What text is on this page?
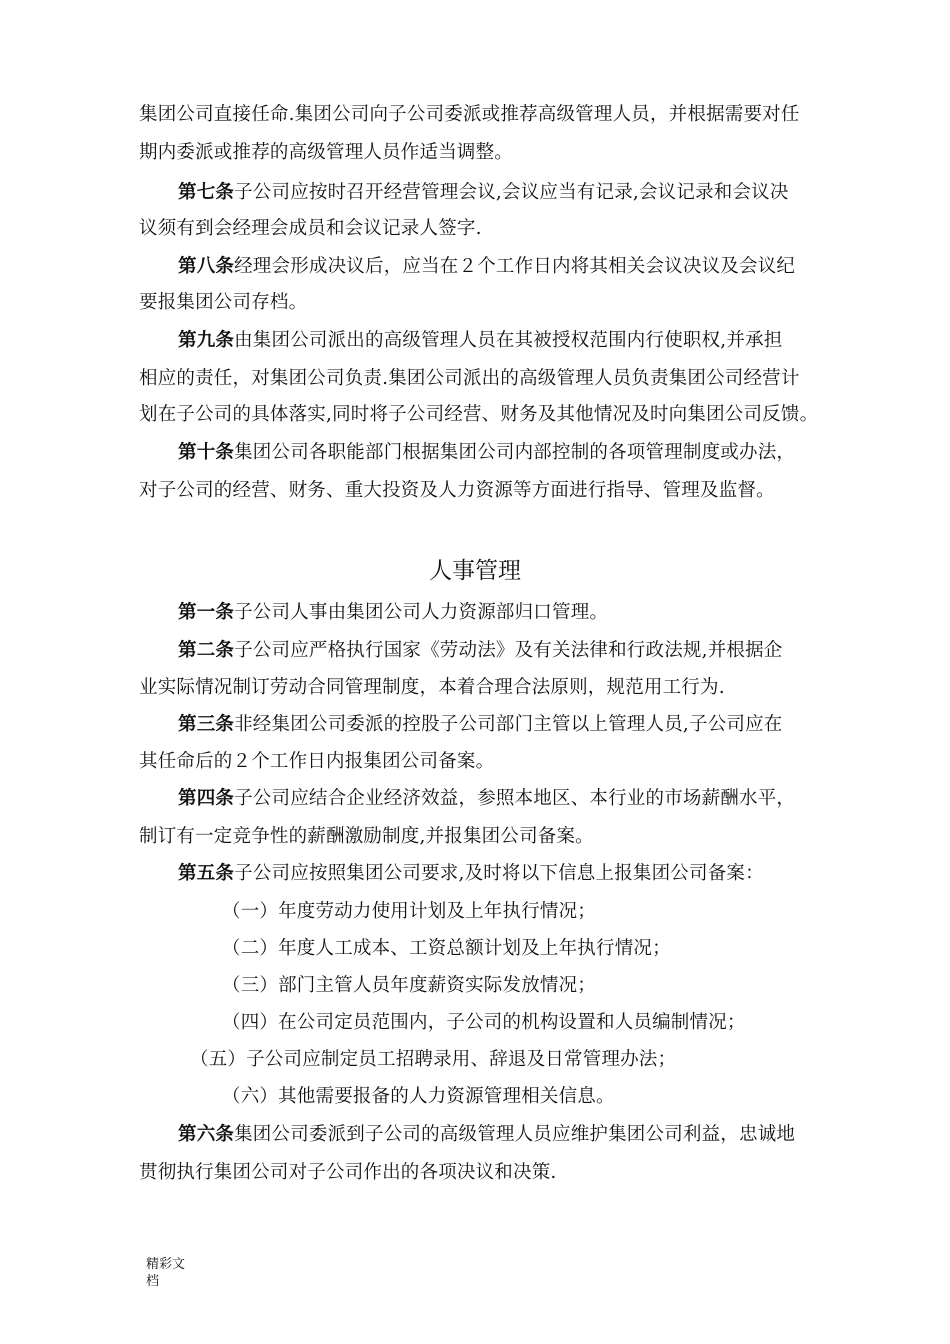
集团公司直接任命.集团公司向子公司委派或推荐高级管理人员，并根据需要对任
期内委派或推荐的高级管理人员作适当调整。
第七条子公司应按时召开经营管理会议,会议应当有记录,会议记录和会议决
议须有到会经理会成员和会议记录人签字.
第八条经理会形成决议后，应当在２个工作日内将其相关会议决议及会议纪
要报集团公司存档。
第九条由集团公司派出的高级管理人员在其被授权范围内行使职权,并承担
相应的责任，对集团公司负责.集团公司派出的高级管理人员负责集团公司经营计
划在子公司的具体落实,同时将子公司经营、财务及其他情况及时向集团公司反馈。
第十条集团公司各职能部门根据集团公司内部控制的各项管理制度或办法，
对子公司的经营、财务、重大投资及人力资源等方面进行指导、管理及监督。
人事管理
第一条子公司人事由集团公司人力资源部归口管理。
第二条子公司应严格执行国家《劳动法》及有关法律和行政法规,并根据企
业实际情况制订劳动合同管理制度，本着合理合法原则，规范用工行为.
第三条非经集团公司委派的控股子公司部门主管以上管理人员,子公司应在
其任命后的２个工作日内报集团公司备案。
第四条子公司应结合企业经济效益，参照本地区、本行业的市场薪酬水平，
制订有一定竞争性的薪酬激励制度,并报集团公司备案。
第五条子公司应按照集团公司要求,及时将以下信息上报集团公司备案：
（一）年度劳动力使用计划及上年执行情况；
（二）年度人工成本、工资总额计划及上年执行情况；
（三）部门主管人员年度薪资实际发放情况；
（四）在公司定员范围内，子公司的机构设置和人员编制情况；
（五）子公司应制定员工招聘录用、辞退及日常管理办法；
（六）其他需要报备的人力资源管理相关信息。
第六条集团公司委派到子公司的高级管理人员应维护集团公司利益，忠诚地
贯彻执行集团公司对子公司作出的各项决议和决策.
精彩文
档
